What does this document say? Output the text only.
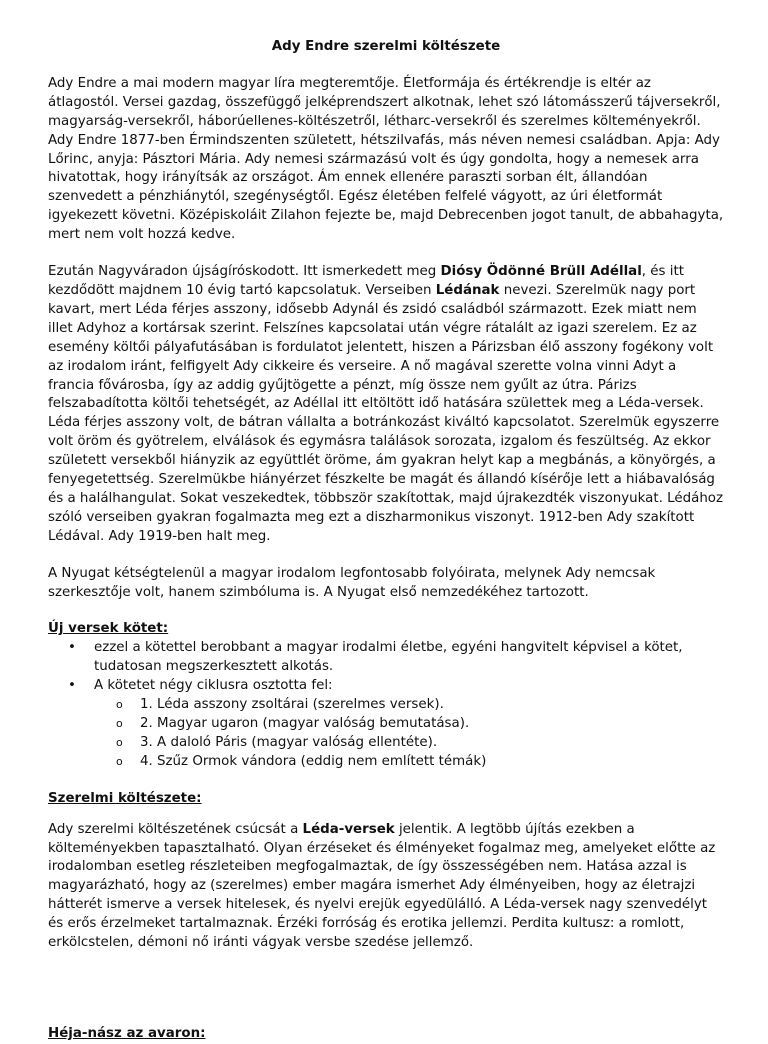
Ady Endre szerelmi költészete

Ady Endre a mai modern magyar líra megteremtője. Életformája és értékrendje is eltér az átlagostól. Versei gazdag, összefüggő jelképrendszert alkotnak, lehet szó látomásszerű tájversekről, magyarság-versekről, háborúellenes-költészetről, létharc-versekről és szerelmes költeményekről. Ady Endre 1877-ben Érmindszenten született, hétszilvafás, más néven nemesi családban. Apja: Ady Lőrinc, anyja: Pásztori Mária. Ady nemesi származású volt és úgy gondolta, hogy a nemesek arra hivatottak, hogy irányítsák az országot. Ám ennek ellenére paraszti sorban élt, állandóan szenvedett a pénzhiánytól, szegénységtől. Egész életében felfelé vágyott, az úri életformát igyekezett követni. Középiskoláit Zilahon fejezte be, majd Debrecenben jogot tanult, de abbahagyta, mert nem volt hozzá kedve.

Ezután Nagyváradon újságíróskodott. Itt ismerkedett meg Diósy Ödönné Brüll Adéllal, és itt kezdődött majdnem 10 évig tartó kapcsolatuk. Verseiben Lédának nevezi. Szerelmük nagy port kavart, mert Léda férjes asszony, idősebb Adynál és zsidó családból származott. Ezek miatt nem illet Adyhoz a kortársak szerint. Felszínes kapcsolatai után végre rátalált az igazi szerelem. Ez az esemény költői pályafutásában is fordulatot jelentett, hiszen a Párizsban élő asszony fogékony volt az irodalom iránt, felfigyelt Ady cikkeire és verseire. A nő magával szerette volna vinni Adyt a francia fővárosba, így az addig gyűjtögette a pénzt, míg össze nem gyűlt az útra. Párizs felszabadította költői tehetségét, az Adéllal itt eltöltött idő hatására születtek meg a Léda-versek. Léda férjes asszony volt, de bátran vállalta a botránkozást kiváltó kapcsolatot. Szerelmük egyszerre volt öröm és gyötrelem, elválások és egymásra találások sorozata, izgalom és feszültség. Az ekkor született versekből hiányzik az együttlét öröme, ám gyakran helyt kap a megbánás, a könyörgés, a fenyegetettség. Szerelmükbe hiányérzet fészkelte be magát és állandó kísérője lett a hiábavalóság és a halálhangulat. Sokat veszekedtek, többször szakítottak, majd újrakezdték viszonyukat. Lédához szóló verseiben gyakran fogalmazta meg ezt a diszharmonikus viszonyt. 1912-ben Ady szakított Lédával. Ady 1919-ben halt meg.

A Nyugat kétségtelenül a magyar irodalom legfontosabb folyóirata, melynek Ady nemcsak szerkesztője volt, hanem szimbóluma is. A Nyugat első nemzedékéhez tartozott.

Új versek kötet:
• ezzel a kötettel berobbant a magyar irodalmi életbe, egyéni hangvitelt képvisel a kötet, tudatosan megszerkesztett alkotás.
• A kötetet négy ciklusra osztotta fel:
o 1. Léda asszony zsoltárai (szerelmes versek).
o 2. Magyar ugaron (magyar valóság bemutatása).
o 3. A daloló Páris (magyar valóság ellentéte).
o 4. Szűz Ormok vándora (eddig nem említett témák)
Szerelmi költészete:

Ady szerelmi költészetének csúcsát a Léda-versek jelentik. A legtöbb újítás ezekben a költeményekben tapasztalható. Olyan érzéseket és élményeket fogalmaz meg, amelyeket előtte az irodalomban esetleg részleteiben megfogalmaztak, de így összességében nem. Hatása azzal is magyarázható, hogy az (szerelmes) ember magára ismerhet Ady élményeiben, hogy az életrajzi hátterét ismerve a versek hitelesek, és nyelvi erejük egyedülálló. A Léda-versek nagy szenvedélyt és erős érzelmeket tartalmaznak. Érzéki forróság és erotika jellemzi. Perdita kultusz: a romlott, erkölcstelen, démoni nő iránti vágyak versbe szedése jellemző.

Héja-nász az avaron:
